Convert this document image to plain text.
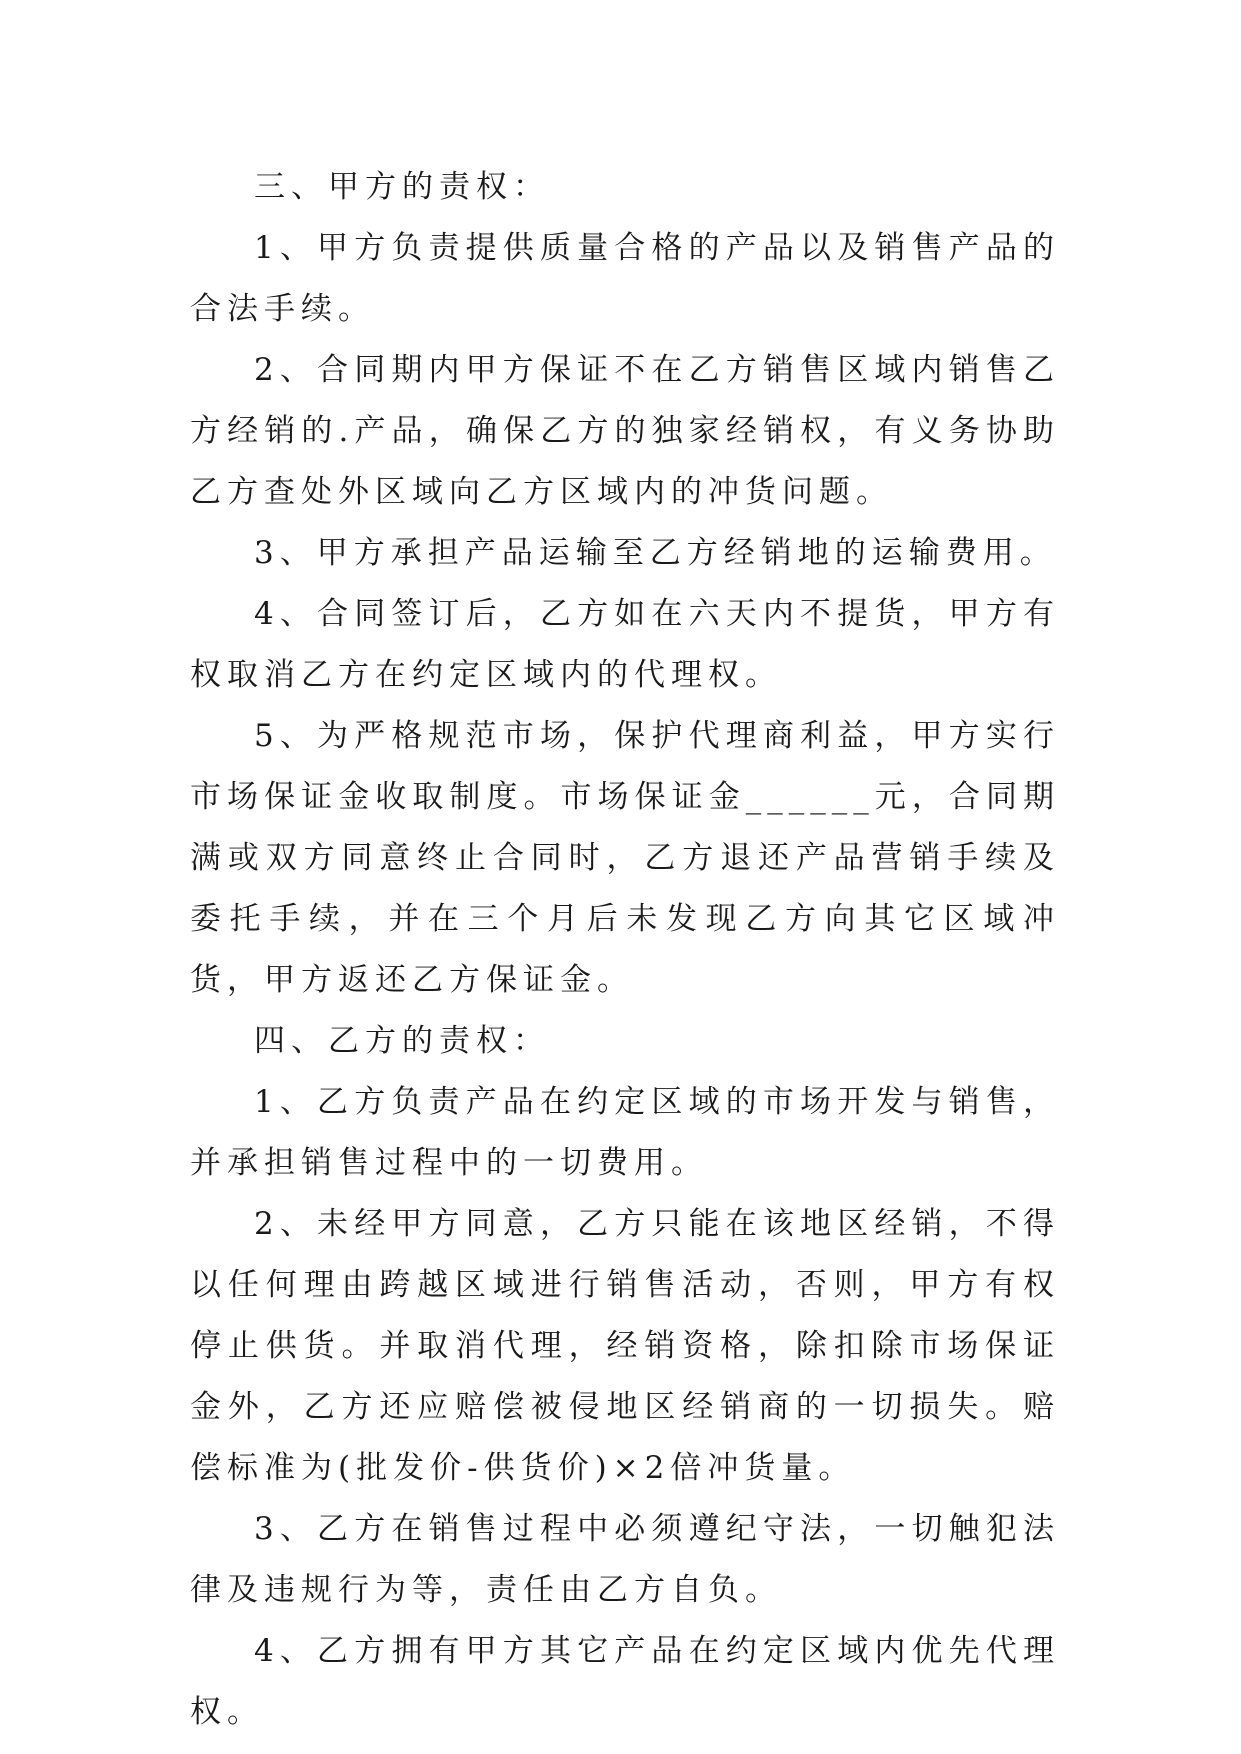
三、甲方的责权：

1、甲方负责提供质量合格的产品以及销售产品的合法手续。

2、合同期内甲方保证不在乙方销售区域内销售乙方经销的.产品，确保乙方的独家经销权，有义务协助乙方查处外区域向乙方区域内的冲货问题。

3、甲方承担产品运输至乙方经销地的运输费用。

4、合同签订后，乙方如在六天内不提货，甲方有权取消乙方在约定区域内的代理权。

5、为严格规范市场，保护代理商利益，甲方实行市场保证金收取制度。市场保证金______元，合同期满或双方同意终止合同时，乙方退还产品营销手续及委托手续，并在三个月后未发现乙方向其它区域冲货，甲方返还乙方保证金。

四、乙方的责权：

1、乙方负责产品在约定区域的市场开发与销售，并承担销售过程中的一切费用。

2、未经甲方同意，乙方只能在该地区经销，不得以任何理由跨越区域进行销售活动，否则，甲方有权停止供货。并取消代理，经销资格，除扣除市场保证金外，乙方还应赔偿被侵地区经销商的一切损失。赔偿标准为(批发价-供货价)×2倍冲货量。

3、乙方在销售过程中必须遵纪守法，一切触犯法律及违规行为等，责任由乙方自负。

4、乙方拥有甲方其它产品在约定区域内优先代理权。
